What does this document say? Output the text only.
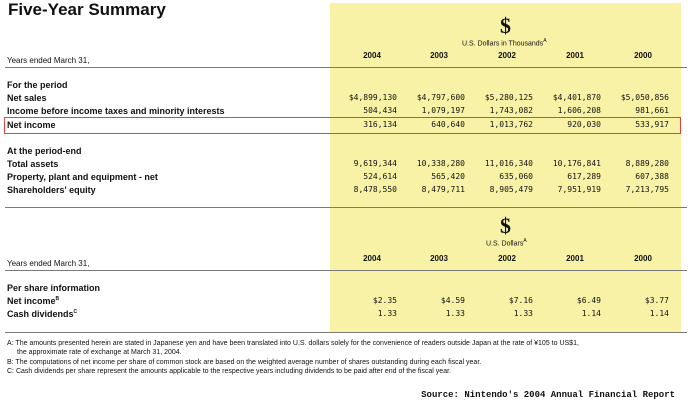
Five-Year Summary
$
U.S. Dollars in Thousands$^A$
Years ended March 31,
2004	2003	2002	2001	2000
For the period
Net sales	$4,899,130	$4,797,600	$5,280,125	$4,401,870	$5,050,856
Income before income taxes and minority interests	504,434	1,079,197	1,743,082	1,606,208	981,661
Net income	316,134	640,640	1,013,762	920,030	533,917
At the period-end
Total assets	9,619,344	10,338,280	11,016,340	10,176,841	8,889,280
Property, plant and equipment - net	524,614	565,420	635,060	617,289	607,388
Shareholders' equity	8,478,550	8,479,711	8,905,479	7,951,919	7,213,795
$
U.S. Dollars$^A$
Years ended March 31,
2004	2003	2002	2001	2000
Per share information
Net income$^B$	$2.35	$4.59	$7.16	$6.49	$3.77
Cash dividends$^C$	1.33	1.33	1.33	1.14	1.14
A: The amounts presented herein are stated in Japanese yen and have been translated into U.S. dollars solely for the convenience of readers outside Japan at the rate of ¥105 to US$1,
the approximate rate of exchange at March 31, 2004.
B: The computations of net income per share of common stock are based on the weighted average number of shares outstanding during each fiscal year.
C: Cash dividends per share represent the amounts applicable to the respective years including dividends to be paid after end of the fiscal year.
Source: Nintendo's 2004 Annual Financial Report
